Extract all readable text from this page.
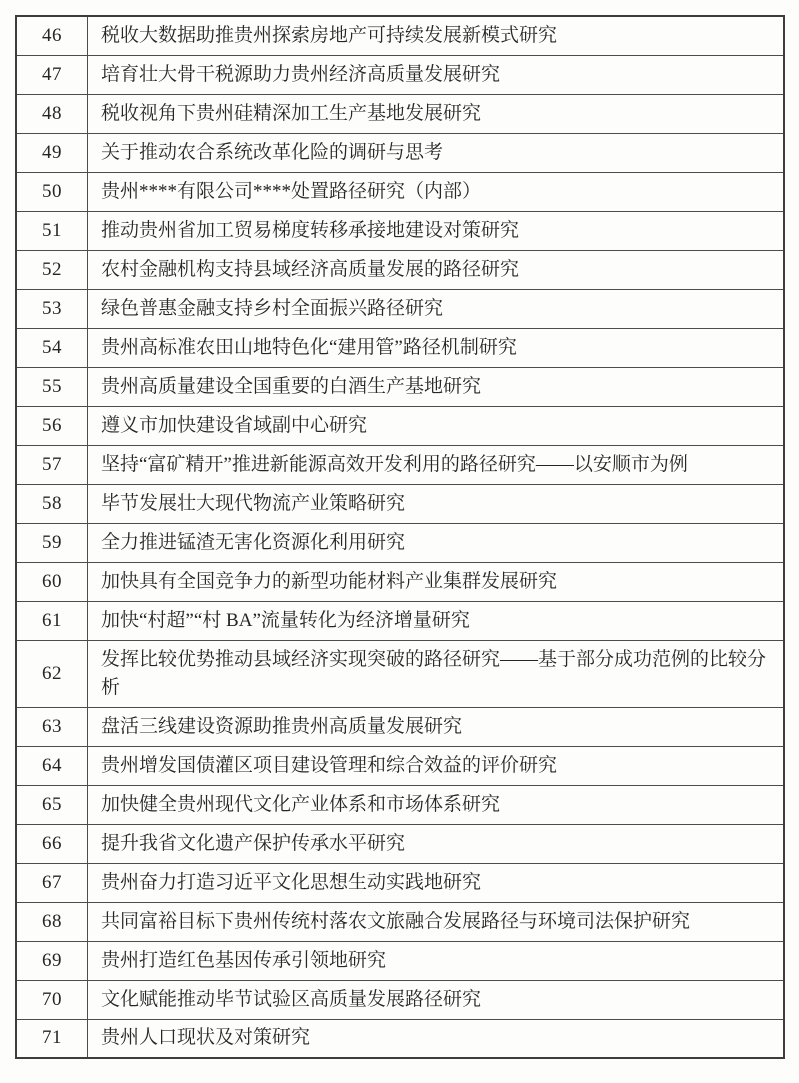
46	税收大数据助推贵州探索房地产可持续发展新模式研究
47	培育壮大骨干税源助力贵州经济高质量发展研究
48	税收视角下贵州硅精深加工生产基地发展研究
49	关于推动农合系统改革化险的调研与思考
50	贵州****有限公司****处置路径研究（内部）
51	推动贵州省加工贸易梯度转移承接地建设对策研究
52	农村金融机构支持县域经济高质量发展的路径研究
53	绿色普惠金融支持乡村全面振兴路径研究
54	贵州高标准农田山地特色化“建用管”路径机制研究
55	贵州高质量建设全国重要的白酒生产基地研究
56	遵义市加快建设省域副中心研究
57	坚持“富矿精开”推进新能源高效开发利用的路径研究——以安顺市为例
58	毕节发展壮大现代物流产业策略研究
59	全力推进锰渣无害化资源化利用研究
60	加快具有全国竞争力的新型功能材料产业集群发展研究
61	加快“村超”“村 BA”流量转化为经济增量研究
62	发挥比较优势推动县域经济实现突破的路径研究——基于部分成功范例的比较分析
63	盘活三线建设资源助推贵州高质量发展研究
64	贵州增发国债灌区项目建设管理和综合效益的评价研究
65	加快健全贵州现代文化产业体系和市场体系研究
66	提升我省文化遗产保护传承水平研究
67	贵州奋力打造习近平文化思想生动实践地研究
68	共同富裕目标下贵州传统村落农文旅融合发展路径与环境司法保护研究
69	贵州打造红色基因传承引领地研究
70	文化赋能推动毕节试验区高质量发展路径研究
71	贵州人口现状及对策研究
